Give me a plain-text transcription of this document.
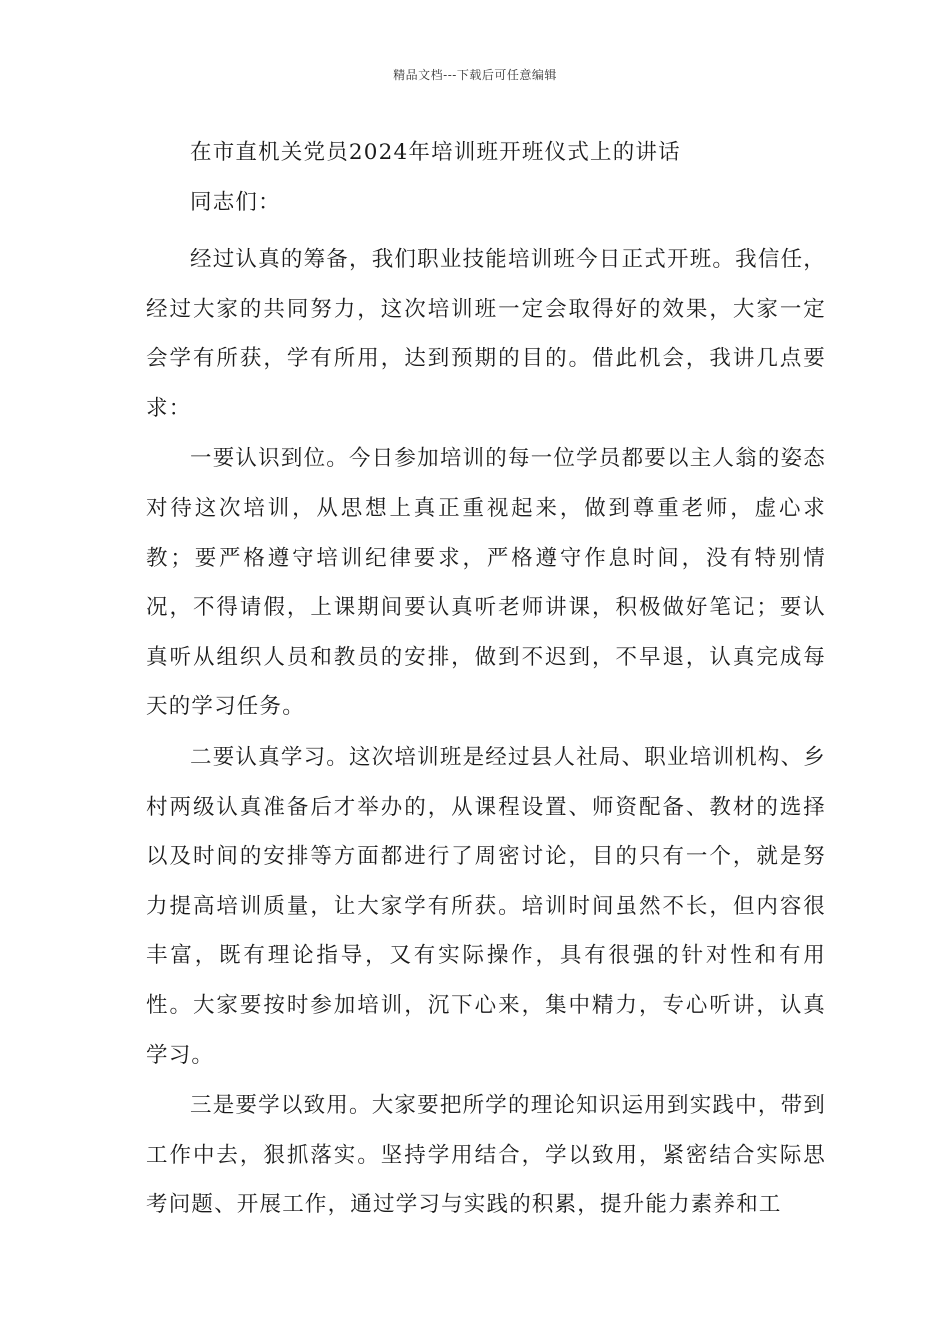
精品文档---下载后可任意编辑
在市直机关党员2024年培训班开班仪式上的讲话

同志们：

经过认真的筹备，我们职业技能培训班今日正式开班。我信任，经过大家的共同努力，这次培训班一定会取得好的效果，大家一定会学有所获，学有所用，达到预期的目的。借此机会，我讲几点要求：

一要认识到位。今日参加培训的每一位学员都要以主人翁的姿态对待这次培训，从思想上真正重视起来，做到尊重老师，虚心求教；要严格遵守培训纪律要求，严格遵守作息时间，没有特别情况，不得请假，上课期间要认真听老师讲课，积极做好笔记；要认真听从组织人员和教员的安排，做到不迟到，不早退，认真完成每天的学习任务。

二要认真学习。这次培训班是经过县人社局、职业培训机构、乡村两级认真准备后才举办的，从课程设置、师资配备、教材的选择以及时间的安排等方面都进行了周密讨论，目的只有一个，就是努力提高培训质量，让大家学有所获。培训时间虽然不长，但内容很丰富，既有理论指导，又有实际操作，具有很强的针对性和有用性。大家要按时参加培训，沉下心来，集中精力，专心听讲，认真学习。

三是要学以致用。大家要把所学的理论知识运用到实践中，带到工作中去，狠抓落实。坚持学用结合，学以致用，紧密结合实际思考问题、开展工作，通过学习与实践的积累，提升能力素养和工
